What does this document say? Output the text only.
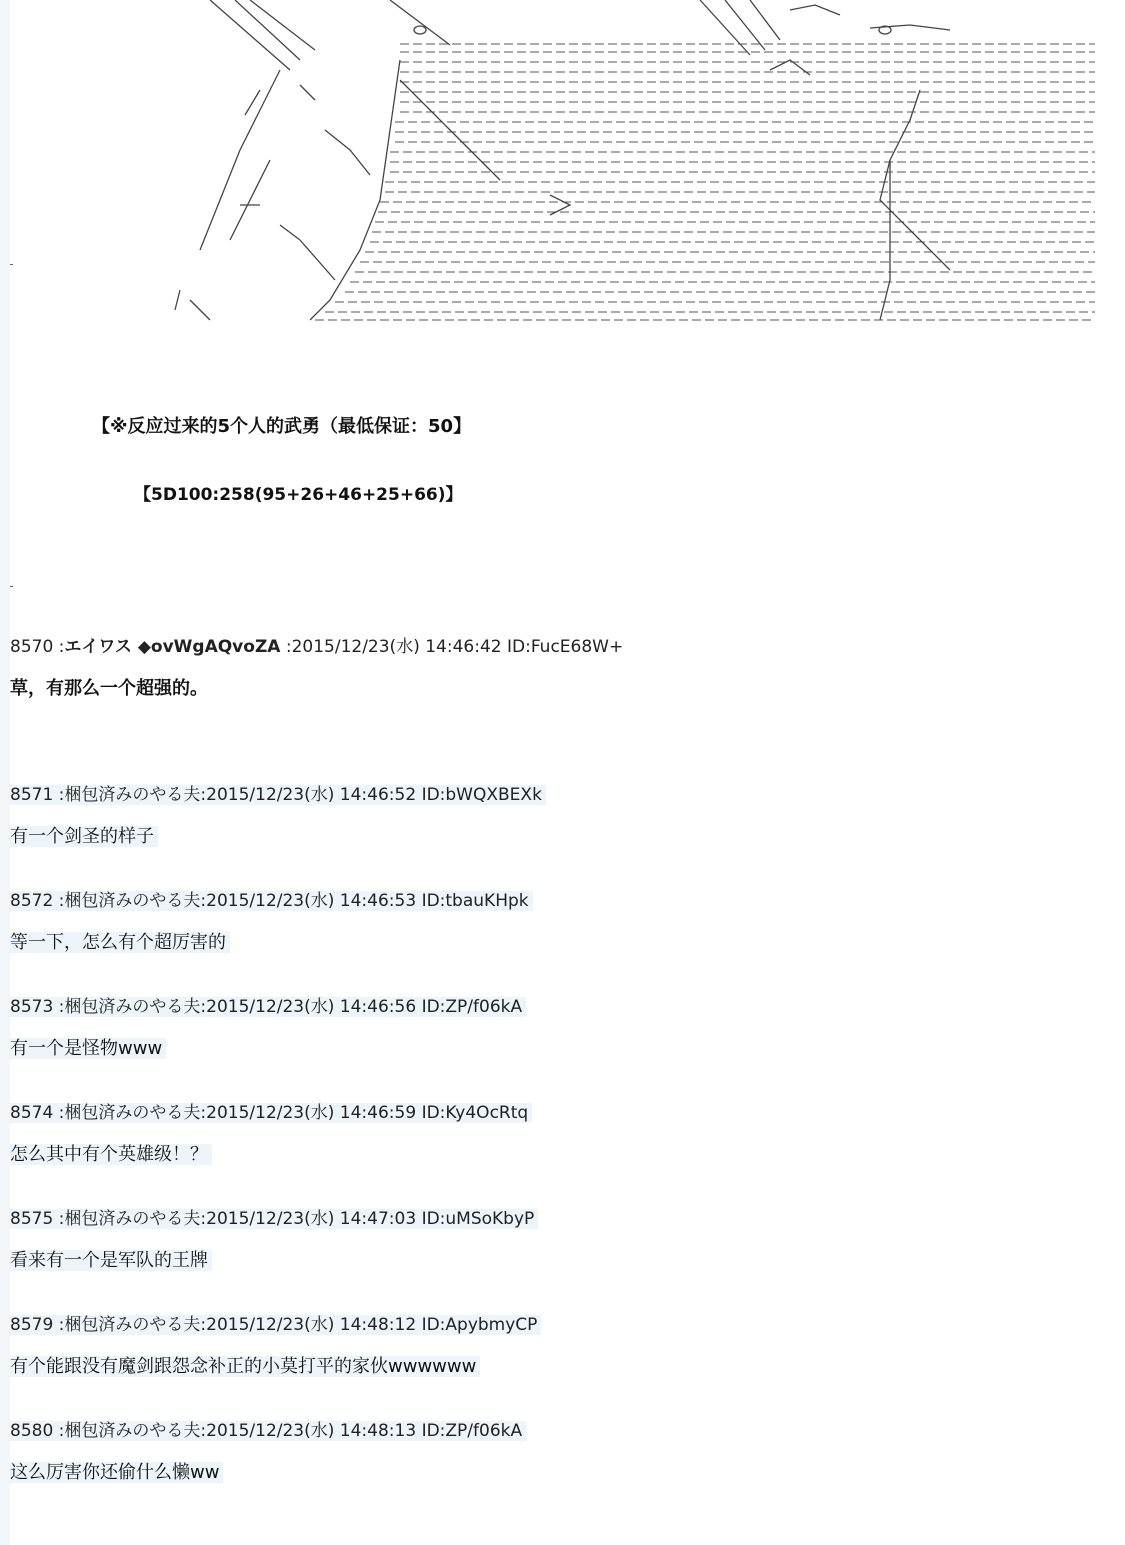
【※反应过来的5个人的武勇（最低保证：50】
【5D100:258(95+26+46+25+66)】
8570 :エイワス ◆ovWgAQvoZA :2015/12/23(水) 14:46:42 ID:FucE68W+
草，有那么一个超强的。
8571 :梱包済みのやる夫:2015/12/23(水) 14:46:52 ID:bWQXBEXk
有一个剑圣的样子
8572 :梱包済みのやる夫:2015/12/23(水) 14:46:53 ID:tbauKHpk
等一下，怎么有个超厉害的
8573 :梱包済みのやる夫:2015/12/23(水) 14:46:56 ID:ZP/f06kA
有一个是怪物www
8574 :梱包済みのやる夫:2015/12/23(水) 14:46:59 ID:Ky4OcRtq
怎么其中有个英雄级！？
8575 :梱包済みのやる夫:2015/12/23(水) 14:47:03 ID:uMSoKbyP
看来有一个是军队的王牌
8579 :梱包済みのやる夫:2015/12/23(水) 14:48:12 ID:ApybmyCP
有个能跟没有魔剑跟怨念补正的小莫打平的家伙wwwwww
8580 :梱包済みのやる夫:2015/12/23(水) 14:48:13 ID:ZP/f06kA
这么厉害你还偷什么懒ww
